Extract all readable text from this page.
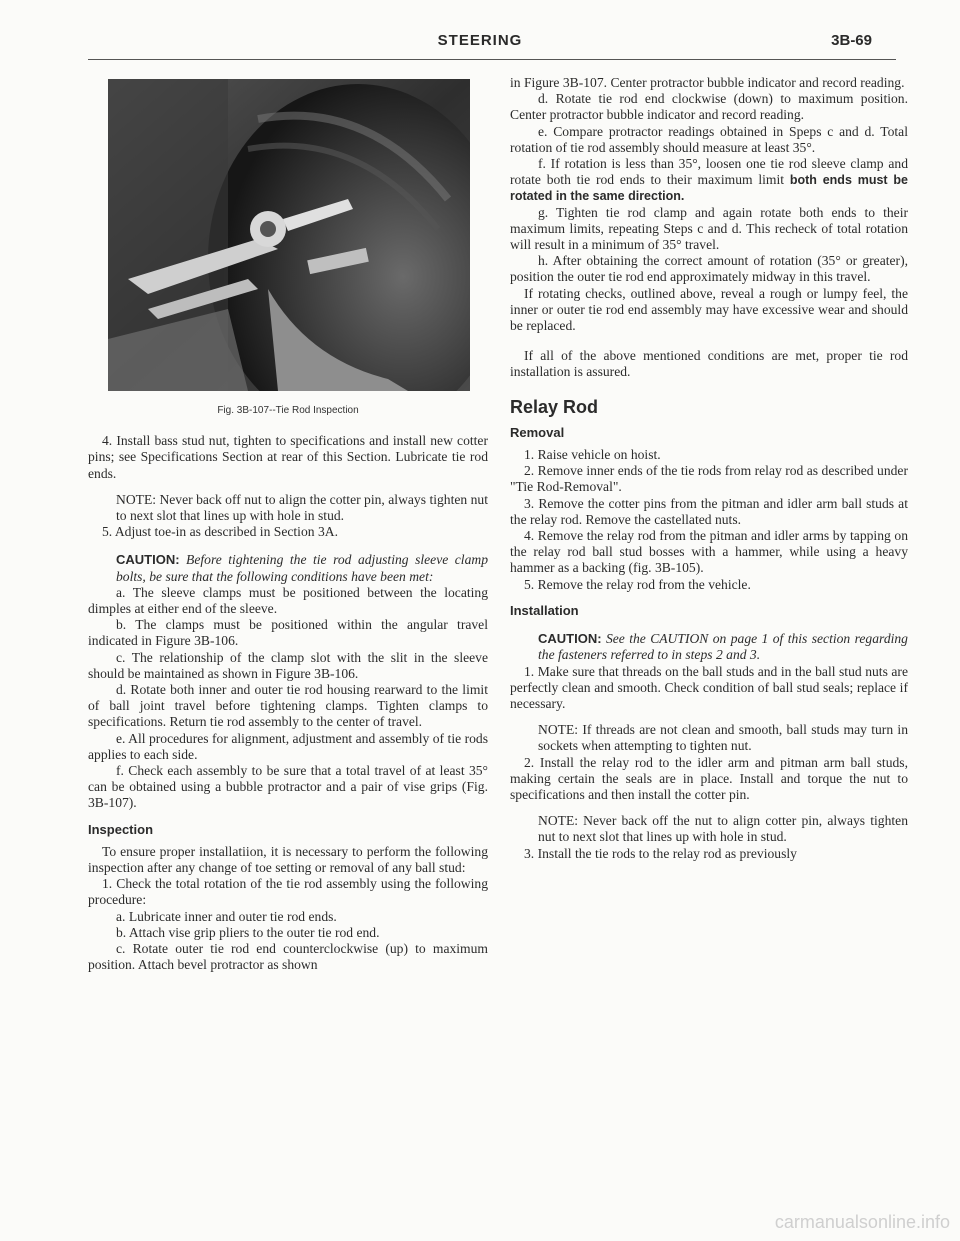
STEERING	3B-69
Fig. 3B-107--Tie Rod Inspection

4. Install bass stud nut, tighten to specifications and install new cotter pins; see Specifications Section at rear of this Section. Lubricate tie rod ends.

NOTE: Never back off nut to align the cotter pin, always tighten nut to next slot that lines up with hole in stud.

5. Adjust toe-in as described in Section 3A.

CAUTION: Before tightening the tie rod adjusting sleeve clamp bolts, be sure that the following conditions have been met:

a. The sleeve clamps must be positioned between the locating dimples at either end of the sleeve.

b. The clamps must be positioned within the angular travel indicated in Figure 3B-106.

c. The relationship of the clamp slot with the slit in the sleeve should be maintained as shown in Figure 3B-106.

d. Rotate both inner and outer tie rod housing rearward to the limit of ball joint travel before tightening clamps. Tighten clamps to specifications. Return tie rod assembly to the center of travel.

e. All procedures for alignment, adjustment and assembly of tie rods applies to each side.

f. Check each assembly to be sure that a total travel of at least 35° can be obtained using a bubble protractor and a pair of vise grips (Fig. 3B-107).

Inspection

To ensure proper installatiion, it is necessary to perform the following inspection after any change of toe setting or removal of any ball stud:

1. Check the total rotation of the tie rod assembly using the following procedure:

a. Lubricate inner and outer tie rod ends.

b. Attach vise grip pliers to the outer tie rod end.

c. Rotate outer tie rod end counterclockwise (up) to maximum position. Attach bevel protractor as shown

in Figure 3B-107. Center protractor bubble indicator and record reading.

d. Rotate tie rod end clockwise (down) to maximum position. Center protractor bubble indicator and record reading.

e. Compare protractor readings obtained in Speps c and d. Total rotation of tie rod assembly should measure at least 35°.

f. If rotation is less than 35°, loosen one tie rod sleeve clamp and rotate both tie rod ends to their maximum limit both ends must be rotated in the same direction.

g. Tighten tie rod clamp and again rotate both ends to their maximum limits, repeating Steps c and d. This recheck of total rotation will result in a minimum of 35° travel.

h. After obtaining the correct amount of rotation (35° or greater), position the outer tie rod end approximately midway in this travel.

If rotating checks, outlined above, reveal a rough or lumpy feel, the inner or outer tie rod end assembly may have excessive wear and should be replaced.

If all of the above mentioned conditions are met, proper tie rod installation is assured.

Relay Rod
Removal

1. Raise vehicle on hoist.

2. Remove inner ends of the tie rods from relay rod as described under "Tie Rod-Removal".

3. Remove the cotter pins from the pitman and idler arm ball studs at the relay rod. Remove the castellated nuts.

4. Remove the relay rod from the pitman and idler arms by tapping on the relay rod ball stud bosses with a hammer, while using a heavy hammer as a backing (fig. 3B-105).

5. Remove the relay rod from the vehicle.

Installation

CAUTION: See the CAUTION on page 1 of this section regarding the fasteners referred to in steps 2 and 3.

1. Make sure that threads on the ball studs and in the ball stud nuts are perfectly clean and smooth. Check condition of ball stud seals; replace if necessary.

NOTE: If threads are not clean and smooth, ball studs may turn in sockets when attempting to tighten nut.

2. Install the relay rod to the idler arm and pitman arm ball studs, making certain the seals are in place. Install and torque the nut to specifications and then install the cotter pin.

NOTE: Never back off the nut to align cotter pin, always tighten nut to next slot that lines up with hole in stud.

3. Install the tie rods to the relay rod as previously

carmanualsonline.info
